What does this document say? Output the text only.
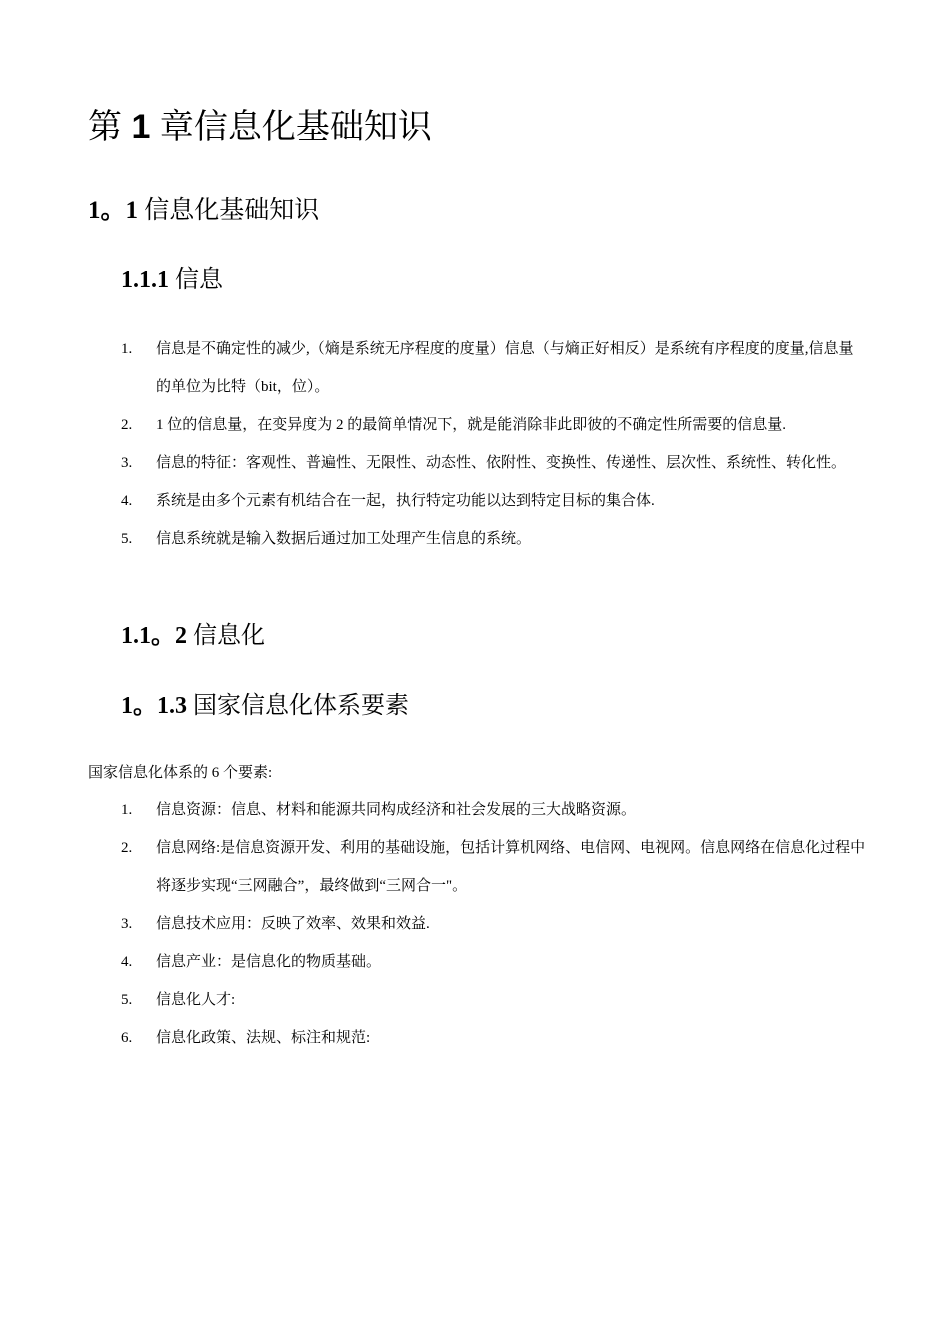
第 1 章信息化基础知识
1。1 信息化基础知识
1.1.1 信息
1. 信息是不确定性的减少,（熵是系统无序程度的度量）信息（与熵正好相反）是系统有序程度的度量,信息量的单位为比特（bit，位）。
2. 1 位的信息量，在变异度为 2 的最简单情况下，就是能消除非此即彼的不确定性所需要的信息量.
3. 信息的特征：客观性、普遍性、无限性、动态性、依附性、变换性、传递性、层次性、系统性、转化性。
4. 系统是由多个元素有机结合在一起，执行特定功能以达到特定目标的集合体.
5. 信息系统就是输入数据后通过加工处理产生信息的系统。
1.1。2 信息化
1。1.3 国家信息化体系要素

国家信息化体系的 6 个要素:

1. 信息资源：信息、材料和能源共同构成经济和社会发展的三大战略资源。
2. 信息网络:是信息资源开发、利用的基础设施，包括计算机网络、电信网、电视网。信息网络在信息化过程中将逐步实现“三网融合”，最终做到“三网合一"。
3. 信息技术应用：反映了效率、效果和效益.
4. 信息产业：是信息化的物质基础。
5. 信息化人才:
6. 信息化政策、法规、标注和规范:
